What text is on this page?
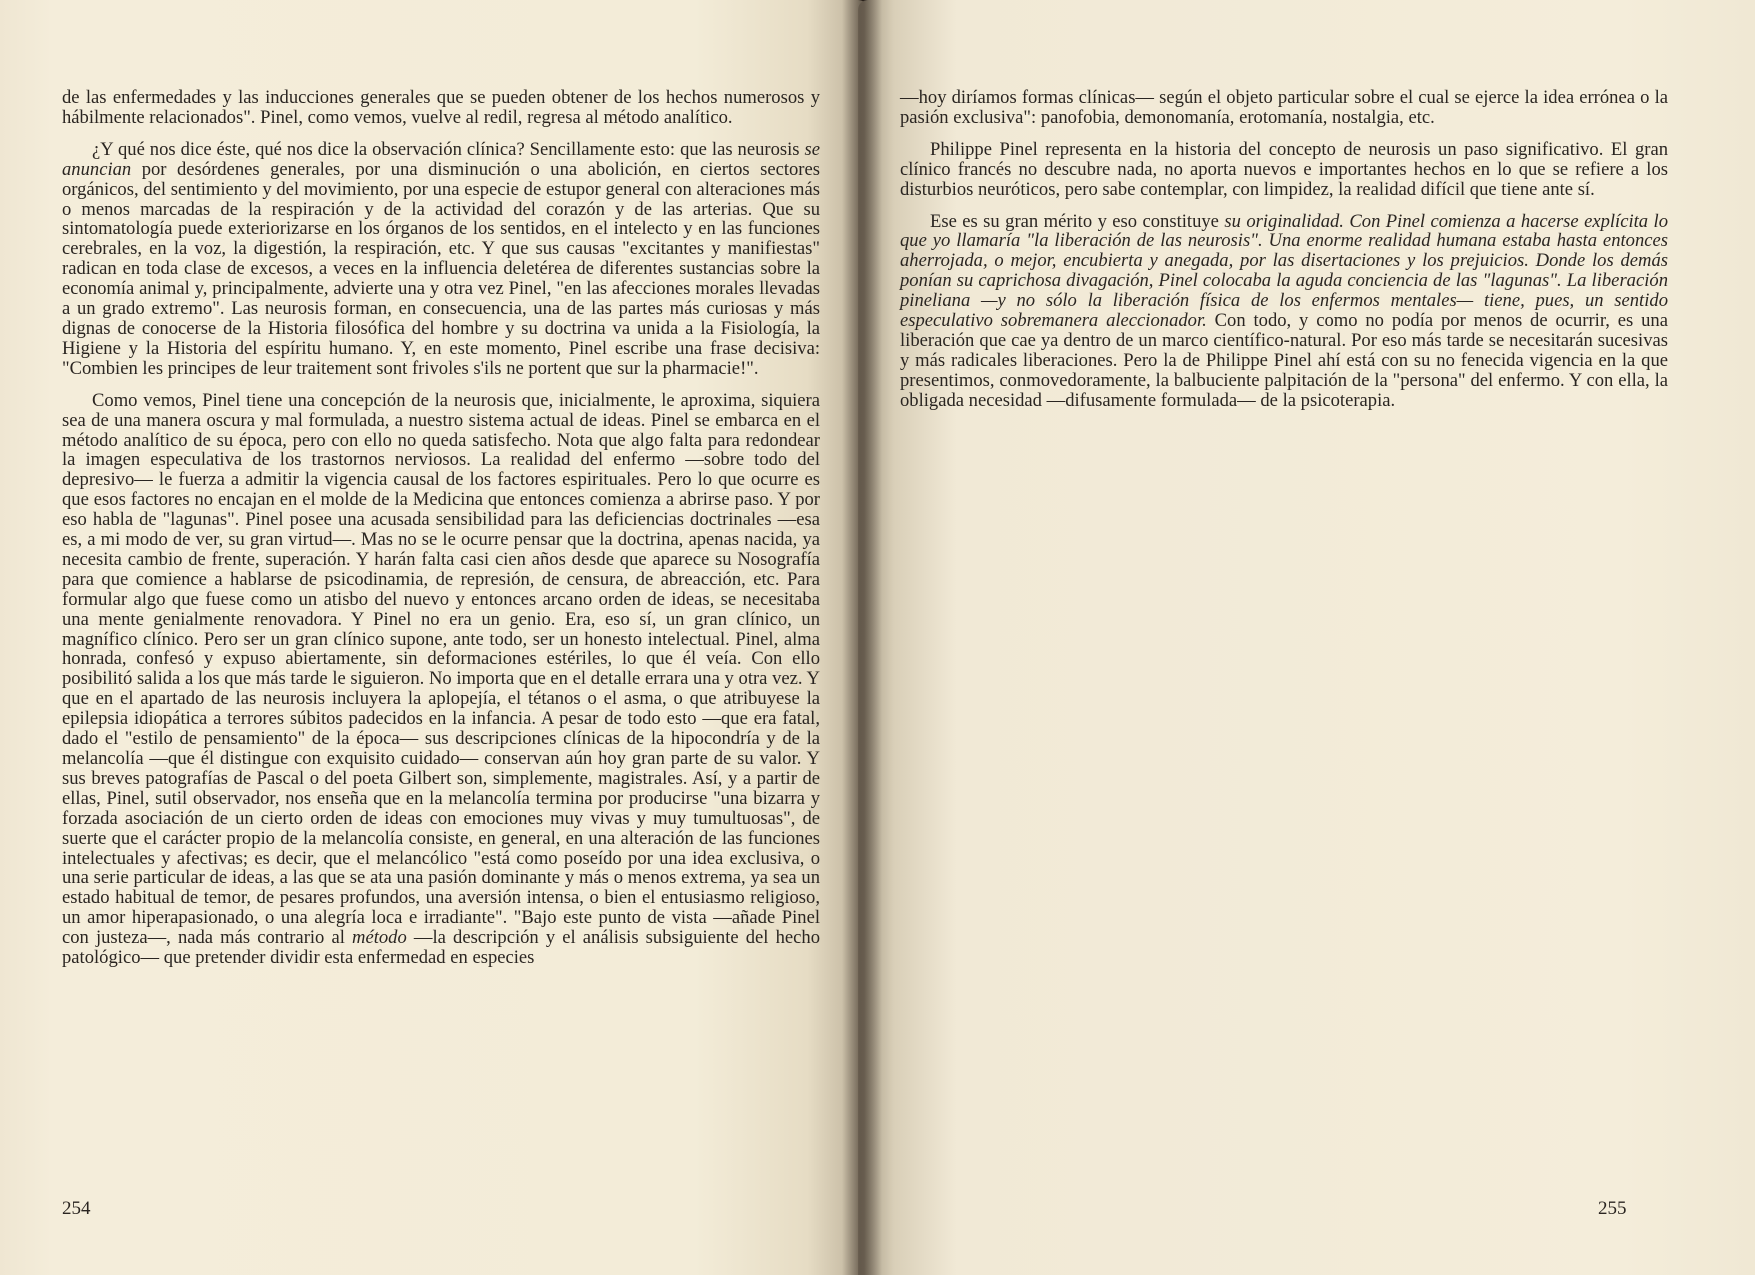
de las enfermedades y las inducciones generales que se pueden obtener de los hechos numerosos y hábilmente relacionados". Pinel, como vemos, vuelve al redil, regresa al método analítico.

¿Y qué nos dice éste, qué nos dice la observación clínica? Sencillamente esto: que las neurosis se anuncian por desórdenes generales, por una disminución o una abolición, en ciertos sectores orgánicos, del sentimiento y del movimiento, por una especie de estupor general con alteraciones más o menos marcadas de la respiración y de la actividad del corazón y de las arterias. Que su sintomatología puede exteriorizarse en los órganos de los sentidos, en el intelecto y en las funciones cerebrales, en la voz, la digestión, la respiración, etc. Y que sus causas "excitantes y manifiestas" radican en toda clase de excesos, a veces en la influencia deletérea de diferentes sustancias sobre la economía animal y, principalmente, advierte una y otra vez Pinel, "en las afecciones morales llevadas a un grado extremo". Las neurosis forman, en consecuencia, una de las partes más curiosas y más dignas de conocerse de la Historia filosófica del hombre y su doctrina va unida a la Fisiología, la Higiene y la Historia del espíritu humano. Y, en este momento, Pinel escribe una frase decisiva: "Combien les principes de leur traitement sont frivoles s'ils ne portent que sur la pharmacie!".

Como vemos, Pinel tiene una concepción de la neurosis que, inicialmente, le aproxima, siquiera sea de una manera oscura y mal formulada, a nuestro sistema actual de ideas. Pinel se embarca en el método analítico de su época, pero con ello no queda satisfecho. Nota que algo falta para redondear la imagen especulativa de los trastornos nerviosos. La realidad del enfermo —sobre todo del depresivo— le fuerza a admitir la vigencia causal de los factores espirituales. Pero lo que ocurre es que esos factores no encajan en el molde de la Medicina que entonces comienza a abrirse paso. Y por eso habla de "lagunas". Pinel posee una acusada sensibilidad para las deficiencias doctrinales —esa es, a mi modo de ver, su gran virtud—. Mas no se le ocurre pensar que la doctrina, apenas nacida, ya necesita cambio de frente, superación. Y harán falta casi cien años desde que aparece su Nosografía para que comience a hablarse de psicodinamia, de represión, de censura, de abreacción, etc. Para formular algo que fuese como un atisbo del nuevo y entonces arcano orden de ideas, se necesitaba una mente genialmente renovadora. Y Pinel no era un genio. Era, eso sí, un gran clínico, un magnífico clínico. Pero ser un gran clínico supone, ante todo, ser un honesto intelectual. Pinel, alma honrada, confesó y expuso abiertamente, sin deformaciones estériles, lo que él veía. Con ello posibilitó salida a los que más tarde le siguieron. No importa que en el detalle errara una y otra vez. Y que en el apartado de las neurosis incluyera la aplopejía, el tétanos o el asma, o que atribuyese la epilepsia idiopática a terrores súbitos padecidos en la infancia. A pesar de todo esto —que era fatal, dado el "estilo de pensamiento" de la época— sus descripciones clínicas de la hipocondría y de la melancolía —que él distingue con exquisito cuidado— conservan aún hoy gran parte de su valor. Y sus breves patografías de Pascal o del poeta Gilbert son, simplemente, magistrales. Así, y a partir de ellas, Pinel, sutil observador, nos enseña que en la melancolía termina por producirse "una bizarra y forzada asociación de un cierto orden de ideas con emociones muy vivas y muy tumultuosas", de suerte que el carácter propio de la melancolía consiste, en general, en una alteración de las funciones intelectuales y afectivas; es decir, que el melancólico "está como poseído por una idea exclusiva, o una serie particular de ideas, a las que se ata una pasión dominante y más o menos extrema, ya sea un estado habitual de temor, de pesares profundos, una aversión intensa, o bien el entusiasmo religioso, un amor hiperapasionado, o una alegría loca e irradiante". "Bajo este punto de vista —añade Pinel con justeza—, nada más contrario al método —la descripción y el análisis subsiguiente del hecho patológico— que pretender dividir esta enfermedad en especies

254

—hoy diríamos formas clínicas— según el objeto particular sobre el cual se ejerce la idea errónea o la pasión exclusiva": panofobia, demonomanía, erotomanía, nostalgia, etc.

Philippe Pinel representa en la historia del concepto de neurosis un paso significativo. El gran clínico francés no descubre nada, no aporta nuevos e importantes hechos en lo que se refiere a los disturbios neuróticos, pero sabe contemplar, con limpidez, la realidad difícil que tiene ante sí.

Ese es su gran mérito y eso constituye su originalidad. Con Pinel comienza a hacerse explícita lo que yo llamaría "la liberación de las neurosis". Una enorme realidad humana estaba hasta entonces aherrojada, o mejor, encubierta y anegada, por las disertaciones y los prejuicios. Donde los demás ponían su caprichosa divagación, Pinel colocaba la aguda conciencia de las "lagunas". La liberación pineliana —y no sólo la liberación física de los enfermos mentales— tiene, pues, un sentido especulativo sobremanera aleccionador. Con todo, y como no podía por menos de ocurrir, es una liberación que cae ya dentro de un marco científico-natural. Por eso más tarde se necesitarán sucesivas y más radicales liberaciones. Pero la de Philippe Pinel ahí está con su no fenecida vigencia en la que presentimos, conmovedoramente, la balbuciente palpitación de la "persona" del enfermo. Y con ella, la obligada necesidad —difusamente formulada— de la psicoterapia.

255
